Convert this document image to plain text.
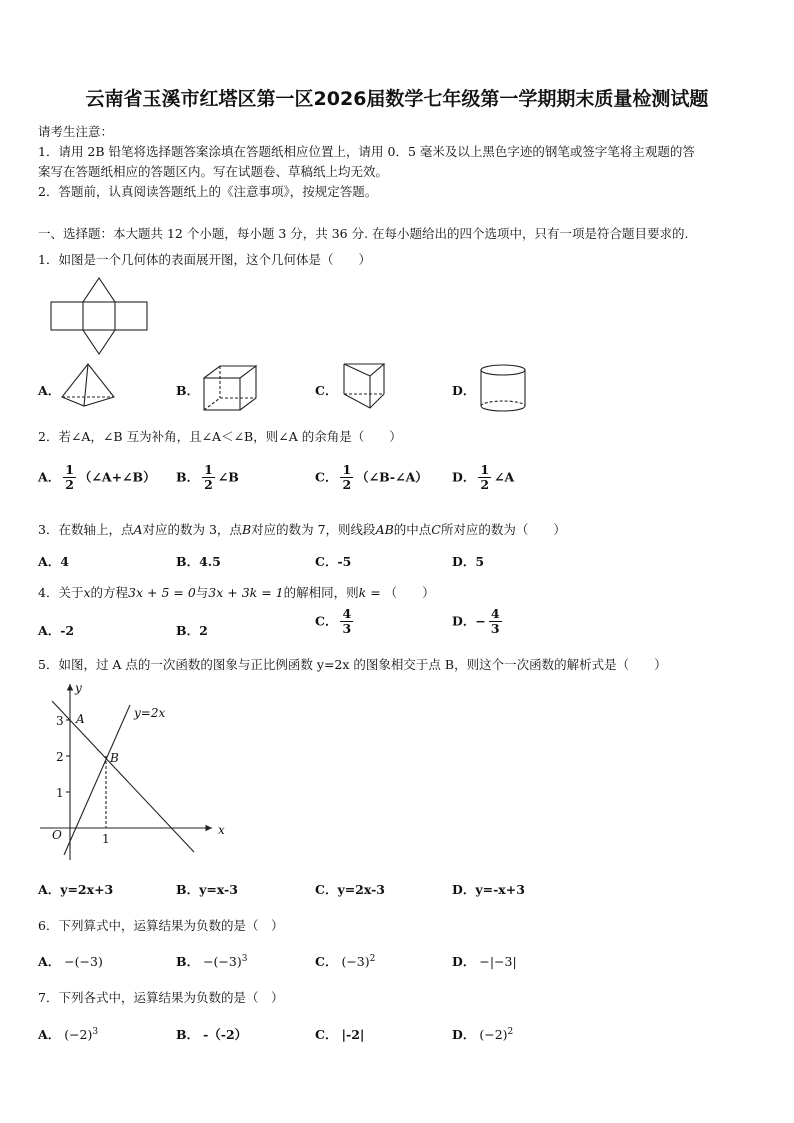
云南省玉溪市红塔区第一区2026届数学七年级第一学期期末质量检测试题
请考生注意：
1．请用 2B 铅笔将选择题答案涂填在答题纸相应位置上，请用 0．5 毫米及以上黑色字迹的钢笔或签字笔将主观题的答
案写在答题纸相应的答题区内。写在试题卷、草稿纸上均无效。
2．答题前，认真阅读答题纸上的《注意事项》，按规定答题。
一、选择题：本大题共 12 个小题，每小题 3 分，共 36 分. 在每小题给出的四个选项中，只有一项是符合题目要求的.
1．如图是一个几何体的表面展开图，这个几何体是（　　）
A．	B．	C．	D．
2．若∠A，∠B 互为补角，且∠A＜∠B，则∠A 的余角是（　　）
A． $\frac{1}{2}$ （∠A+∠B） B． $\frac{1}{2}$ ∠B	C． $\frac{1}{2}$ （∠B-∠A） D． $\frac{1}{2}$ ∠A
3．在数轴上，点A对应的数为 3，点B对应的数为 7，则线段AB的中点C所对应的数为（　　）
A．4	B．4.5	C．-5	D．5
4．关于x的方程3x + 5 = 0与3x + 3k = 1的解相同，则k = （　　）
A．-2	B．2
C． $\frac{4}{3}$	D．− $\frac{4}{3}$
5．如图，过 A 点的一次函数的图象与正比例函数 y=2x 的图象相交于点 B，则这个一次函数的解析式是（　　）
y
x
O
y=2x
A
B
3
2
1
1
A．y=2x+3	B．y=x-3	C．y=2x-3	D．y=-x+3
6．下列算式中，运算结果为负数的是（　）
A． −(−3)	B． $-(-3)^3$	C． $(-3)^2$	D． −|−3|
7．下列各式中，运算结果为负数的是（　）
A． $(-2)^3$	B． -（-2）	C． |-2|	D． $(-2)^2$
